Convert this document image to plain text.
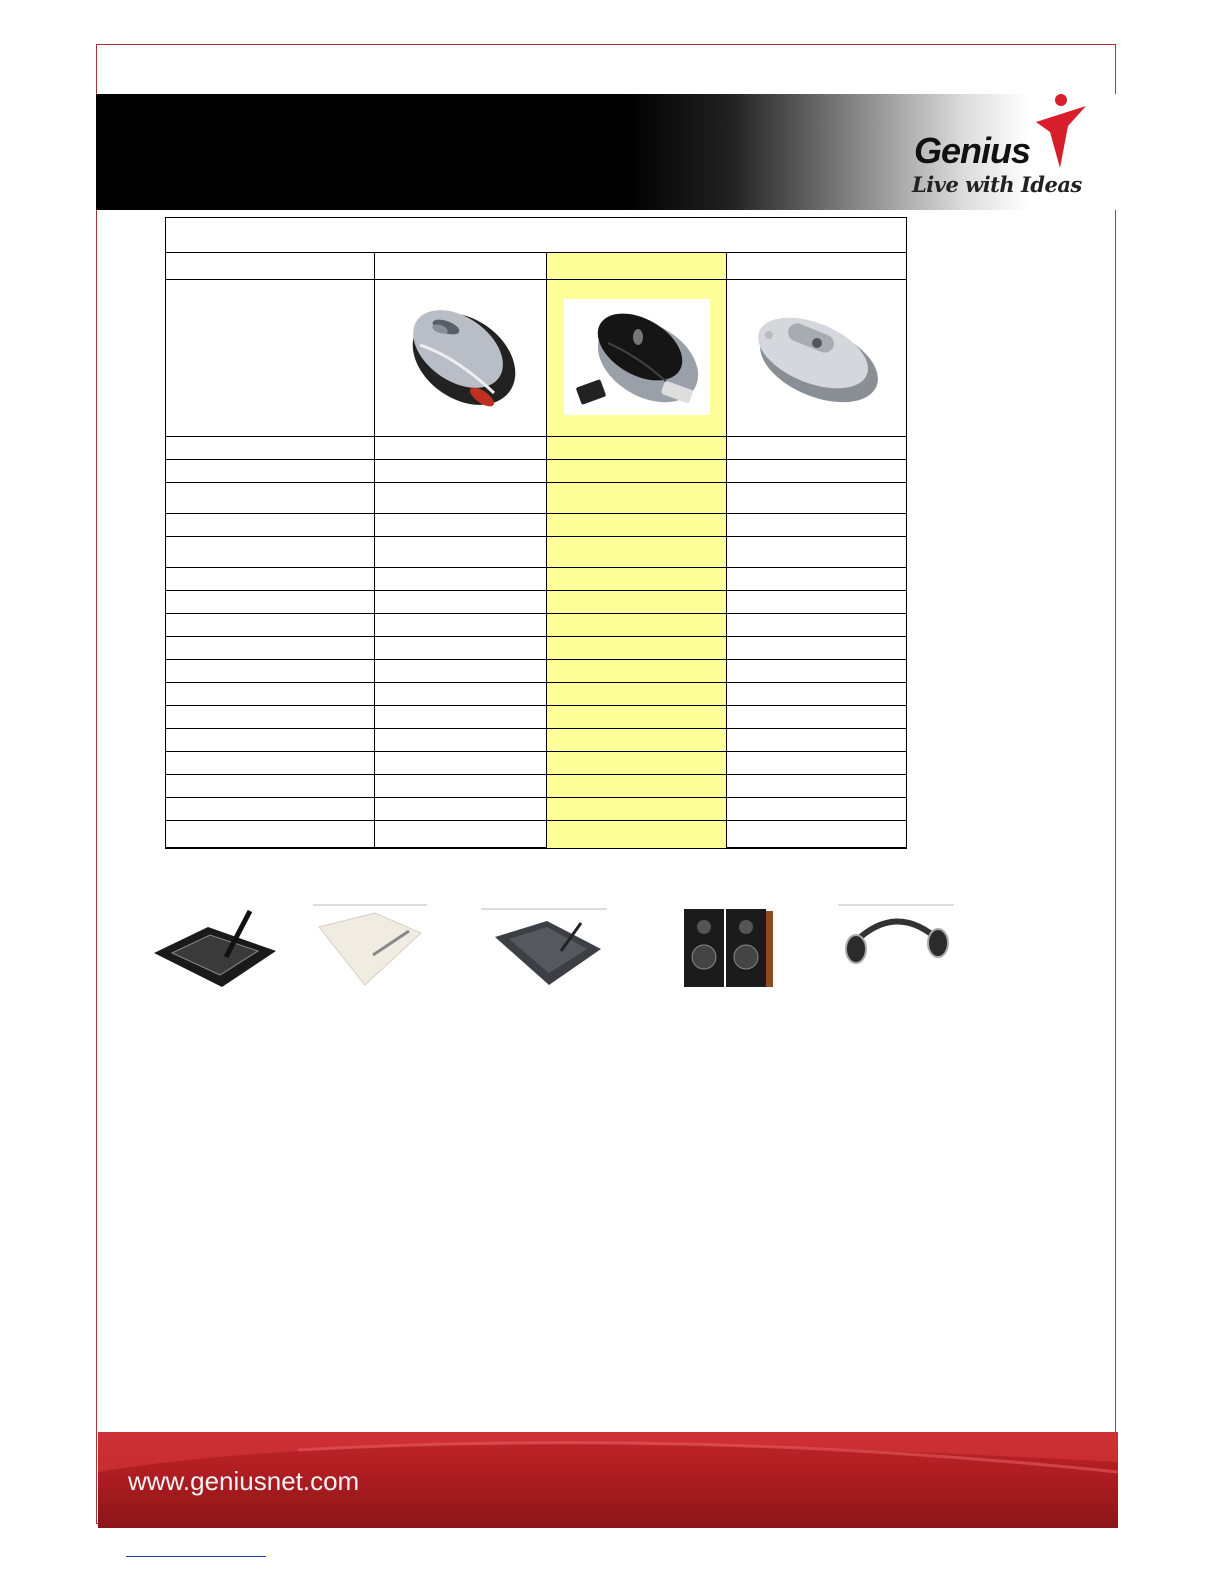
Genius
Live with Ideas

www.geniusnet.com
